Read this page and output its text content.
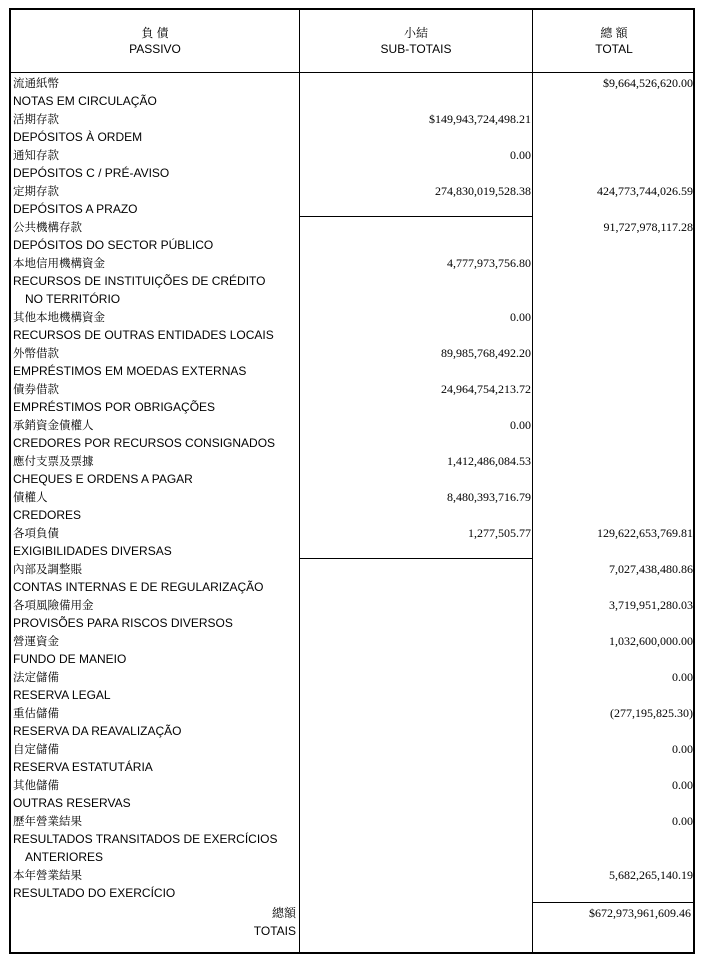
負 債
PASSIVO
小結
SUB-TOTAIS
總 額
TOTAL
流通紙幣
NOTAS EM CIRCULAÇÃO
$9,664,526,620.00
活期存款
DEPÓSITOS À ORDEM
$149,943,724,498.21
通知存款
DEPÓSITOS C / PRÉ-AVISO
0.00
定期存款
DEPÓSITOS A PRAZO
274,830,019,528.38	424,773,744,026.59
公共機構存款
DEPÓSITOS DO SECTOR PÚBLICO
91,727,978,117.28
本地信用機構資金
RECURSOS DE INSTITUIÇÕES DE CRÉDITO
NO TERRITÓRIO
4,777,973,756.80
其他本地機構資金
RECURSOS DE OUTRAS ENTIDADES LOCAIS
0.00
外幣借款
EMPRÉSTIMOS EM MOEDAS EXTERNAS
89,985,768,492.20
債券借款
EMPRÉSTIMOS POR OBRIGAÇÕES
24,964,754,213.72
承銷資金債權人
CREDORES POR RECURSOS CONSIGNADOS
0.00
應付支票及票據
CHEQUES E ORDENS A PAGAR
1,412,486,084.53
債權人
CREDORES
8,480,393,716.79
各項負債
EXIGIBILIDADES DIVERSAS
1,277,505.77	129,622,653,769.81
內部及調整賬
CONTAS INTERNAS E DE REGULARIZAÇÃO
7,027,438,480.86
各項風險備用金
PROVISÕES PARA RISCOS DIVERSOS
3,719,951,280.03
營運資金
FUNDO DE MANEIO
1,032,600,000.00
法定儲備
RESERVA LEGAL
0.00
重估儲備
RESERVA DA REAVALIZAÇÃO
(277,195,825.30)
自定儲備
RESERVA ESTATUTÁRIA
0.00
其他儲備
OUTRAS RESERVAS
0.00
歷年營業結果
RESULTADOS TRANSITADOS DE EXERCÍCIOS
ANTERIORES
0.00
本年營業結果
RESULTADO DO EXERCÍCIO
5,682,265,140.19
總額
TOTAIS
$672,973,961,609.46
